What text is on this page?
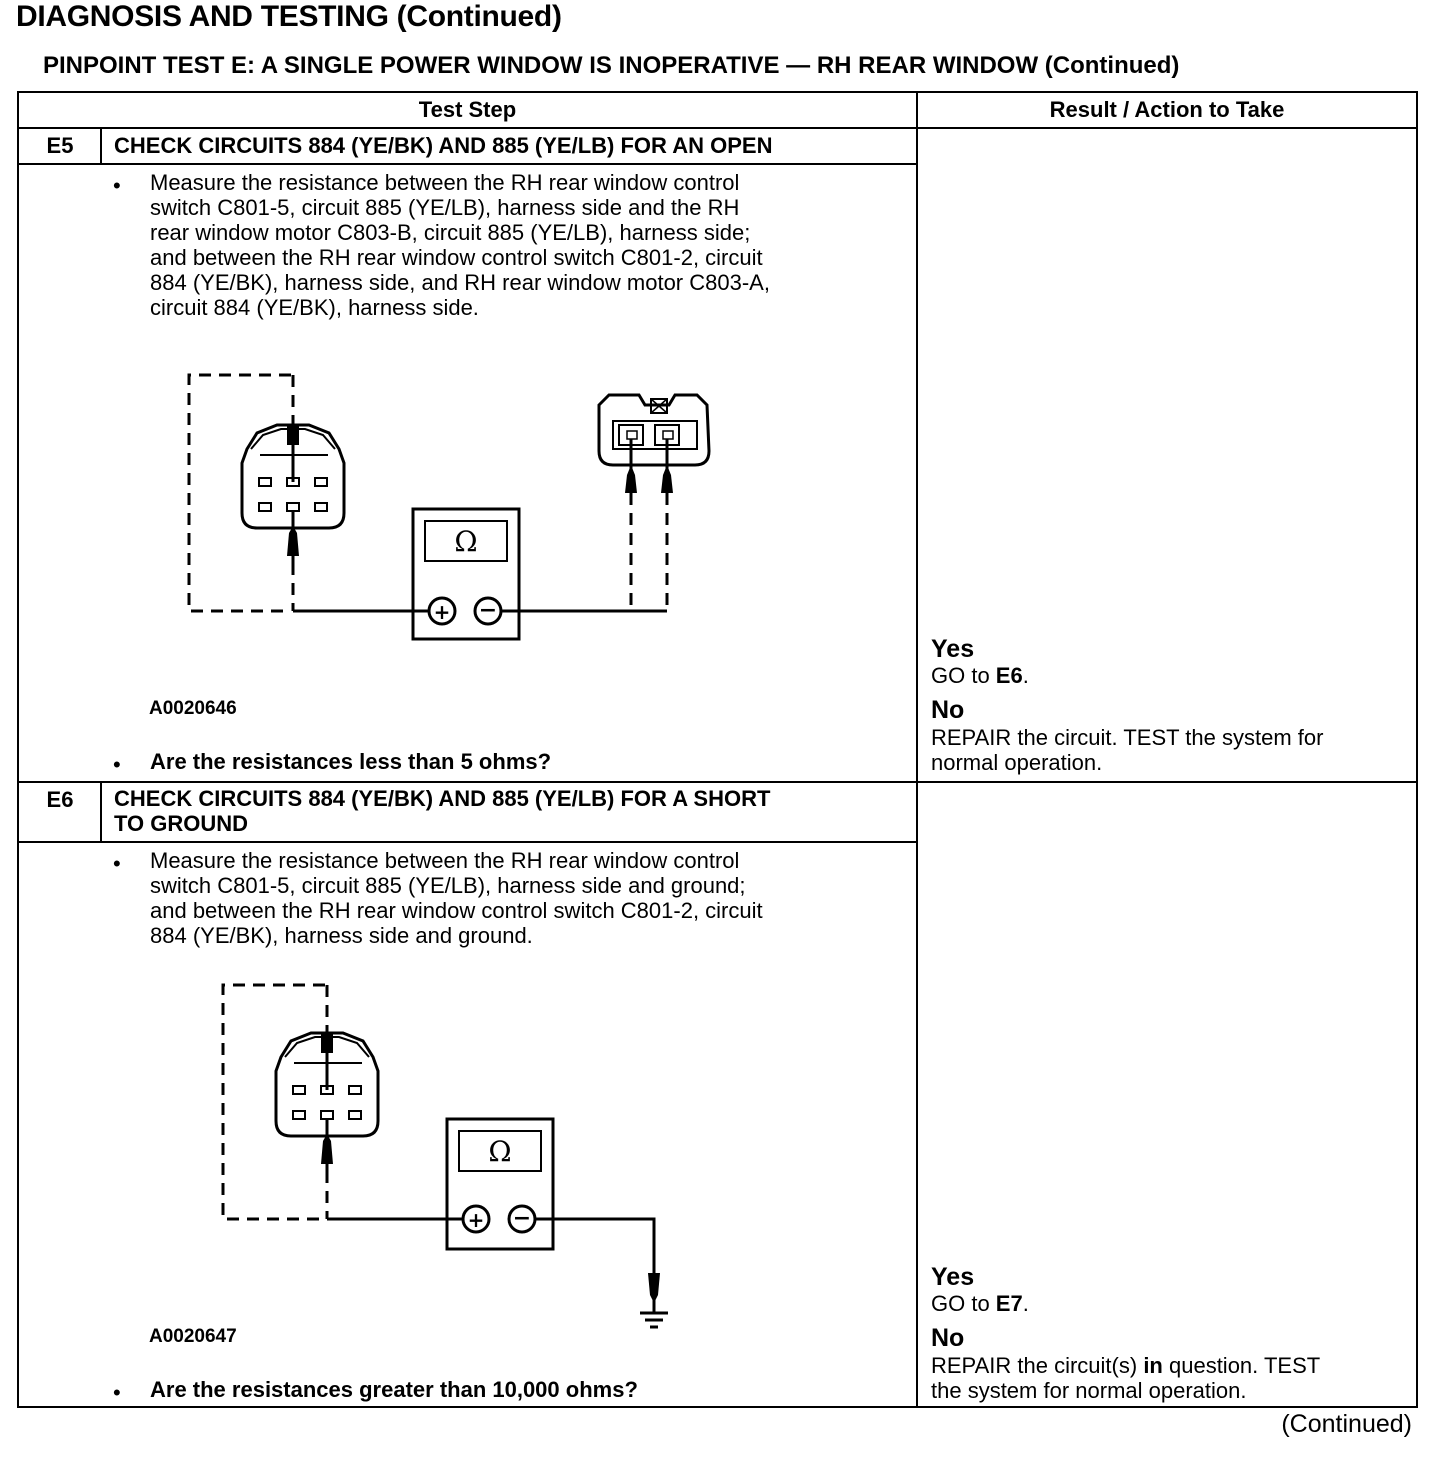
DIAGNOSIS AND TESTING (Continued)
PINPOINT TEST E: A SINGLE POWER WINDOW IS INOPERATIVE — RH REAR WINDOW (Continued)
Test Step	Result / Action to Take
E5	CHECK CIRCUITS 884 (YE/BK) AND 885 (YE/LB) FOR AN OPEN
• Measure the resistance between the RH rear window control
switch C801-5, circuit 885 (YE/LB), harness side and the RH
rear window motor C803-B, circuit 885 (YE/LB), harness side;
and between the RH rear window control switch C801-2, circuit
884 (YE/BK), harness side, and RH rear window motor C803-A,
circuit 884 (YE/BK), harness side.
Ω
+ −
A0020646
• Are the resistances less than 5 ohms?
Yes
GO to E6.
No
REPAIR the circuit. TEST the system for
normal operation.
E6	CHECK CIRCUITS 884 (YE/BK) AND 885 (YE/LB) FOR A SHORT
TO GROUND
• Measure the resistance between the RH rear window control
switch C801-5, circuit 885 (YE/LB), harness side and ground;
and between the RH rear window control switch C801-2, circuit
884 (YE/BK), harness side and ground.
Ω
+ −
A0020647
• Are the resistances greater than 10,000 ohms?
Yes
GO to E7.
No
REPAIR the circuit(s) in question. TEST
the system for normal operation.
(Continued)
